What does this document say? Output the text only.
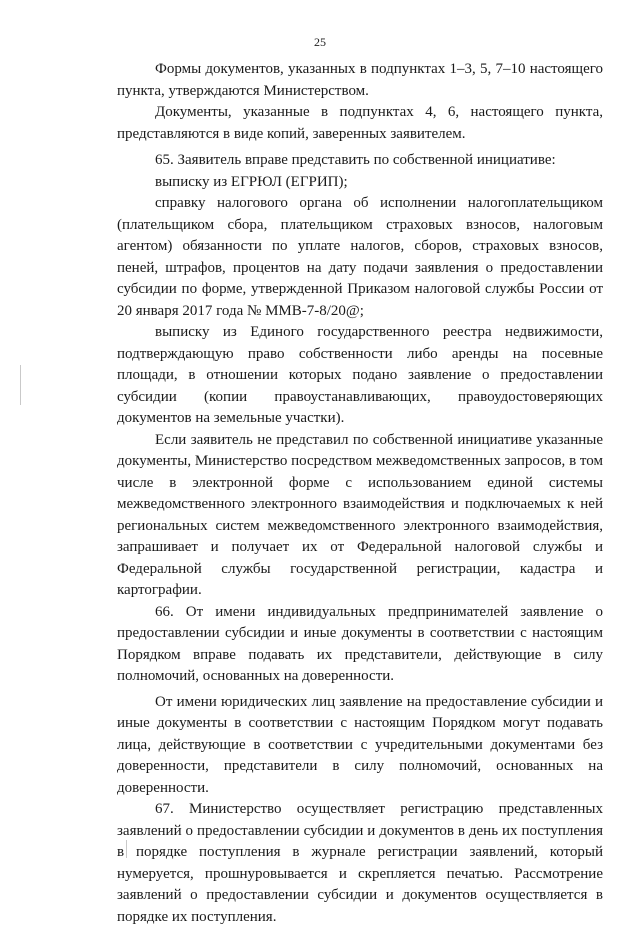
25

Формы документов, указанных в подпунктах 1–3, 5, 7–10 настоящего пункта, утверждаются Министерством.

Документы, указанные в подпунктах 4, 6, настоящего пункта, представляются в виде копий, заверенных заявителем.

65. Заявитель вправе представить по собственной инициативе:

выписку из ЕГРЮЛ (ЕГРИП);

справку налогового органа об исполнении налогоплательщиком (плательщиком сбора, плательщиком страховых взносов, налоговым агентом) обязанности по уплате налогов, сборов, страховых взносов, пеней, штрафов, процентов на дату подачи заявления о предоставлении субсидии по форме, утвержденной Приказом налоговой службы России от 20 января 2017 года № ММВ-7-8/20@;

выписку из Единого государственного реестра недвижимости, подтверждающую право собственности либо аренды на посевные площади, в отношении которых подано заявление о предоставлении субсидии (копии правоустанавливающих, правоудостоверяющих документов на земельные участки).

Если заявитель не представил по собственной инициативе указанные документы, Министерство посредством межведомственных запросов, в том числе в электронной форме с использованием единой системы межведомственного электронного взаимодействия и подключаемых к ней региональных систем межведомственного электронного взаимодействия, запрашивает и получает их от Федеральной налоговой службы и Федеральной службы государственной регистрации, кадастра и картографии.

66. От имени индивидуальных предпринимателей заявление о предоставлении субсидии и иные документы в соответствии с настоящим Порядком вправе подавать их представители, действующие в силу полномочий, основанных на доверенности.

От имени юридических лиц заявление на предоставление субсидии и иные документы в соответствии с настоящим Порядком могут подавать лица, действующие в соответствии с учредительными документами без доверенности, представители в силу полномочий, основанных на доверенности.

67. Министерство осуществляет регистрацию представленных заявлений о предоставлении субсидии и документов в день их поступления в порядке поступления в журнале регистрации заявлений, который нумеруется, прошнуровывается и скрепляется печатью. Рассмотрение заявлений о предоставлении субсидии и документов осуществляется в порядке их поступления.
